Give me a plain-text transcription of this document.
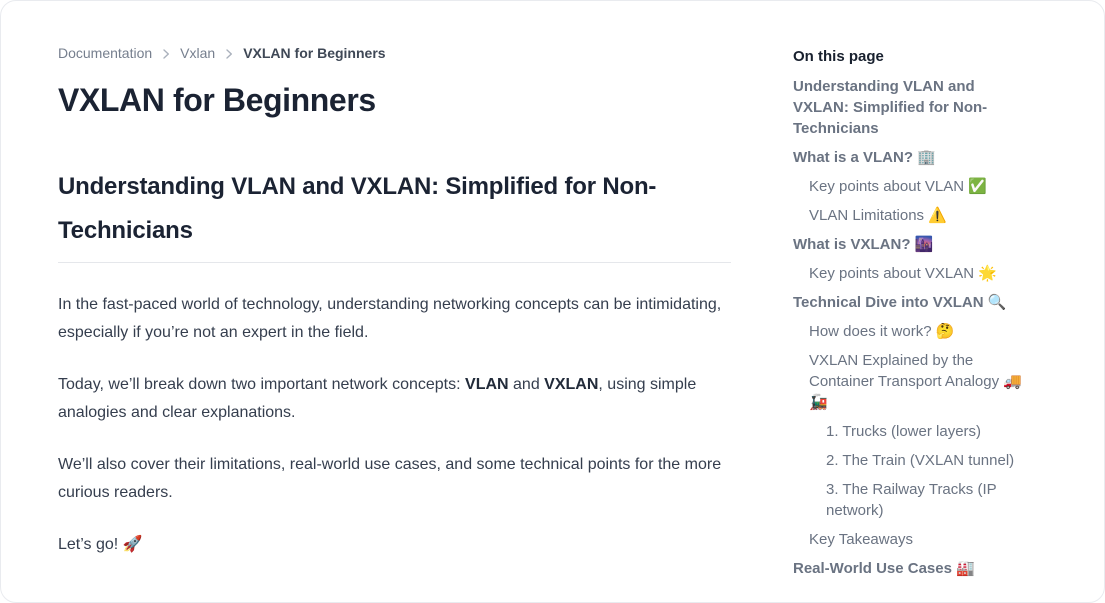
Documentation Vxlan VXLAN for Beginners
VXLAN for Beginners
Understanding VLAN and VXLAN: Simplified for Non-Technicians

In the fast-paced world of technology, understanding networking concepts can be intimidating, especially if you’re not an expert in the field.

Today, we’ll break down two important network concepts: VLAN and VXLAN, using simple analogies and clear explanations.

We’ll also cover their limitations, real-world use cases, and some technical points for the more curious readers.

Let’s go! 🚀

On this page
Understanding VLAN and VXLAN: Simplified for Non-Technicians
What is a VLAN? 🏢
Key points about VLAN ✅
VLAN Limitations ⚠️
What is VXLAN? 🌆
Key points about VXLAN 🌟
Technical Dive into VXLAN 🔍
How does it work? 🤔
VXLAN Explained by the Container Transport Analogy 🚚 🚂
1. Trucks (lower layers)
2. The Train (VXLAN tunnel)
3. The Railway Tracks (IP network)
Key Takeaways
Real-World Use Cases 🏭
